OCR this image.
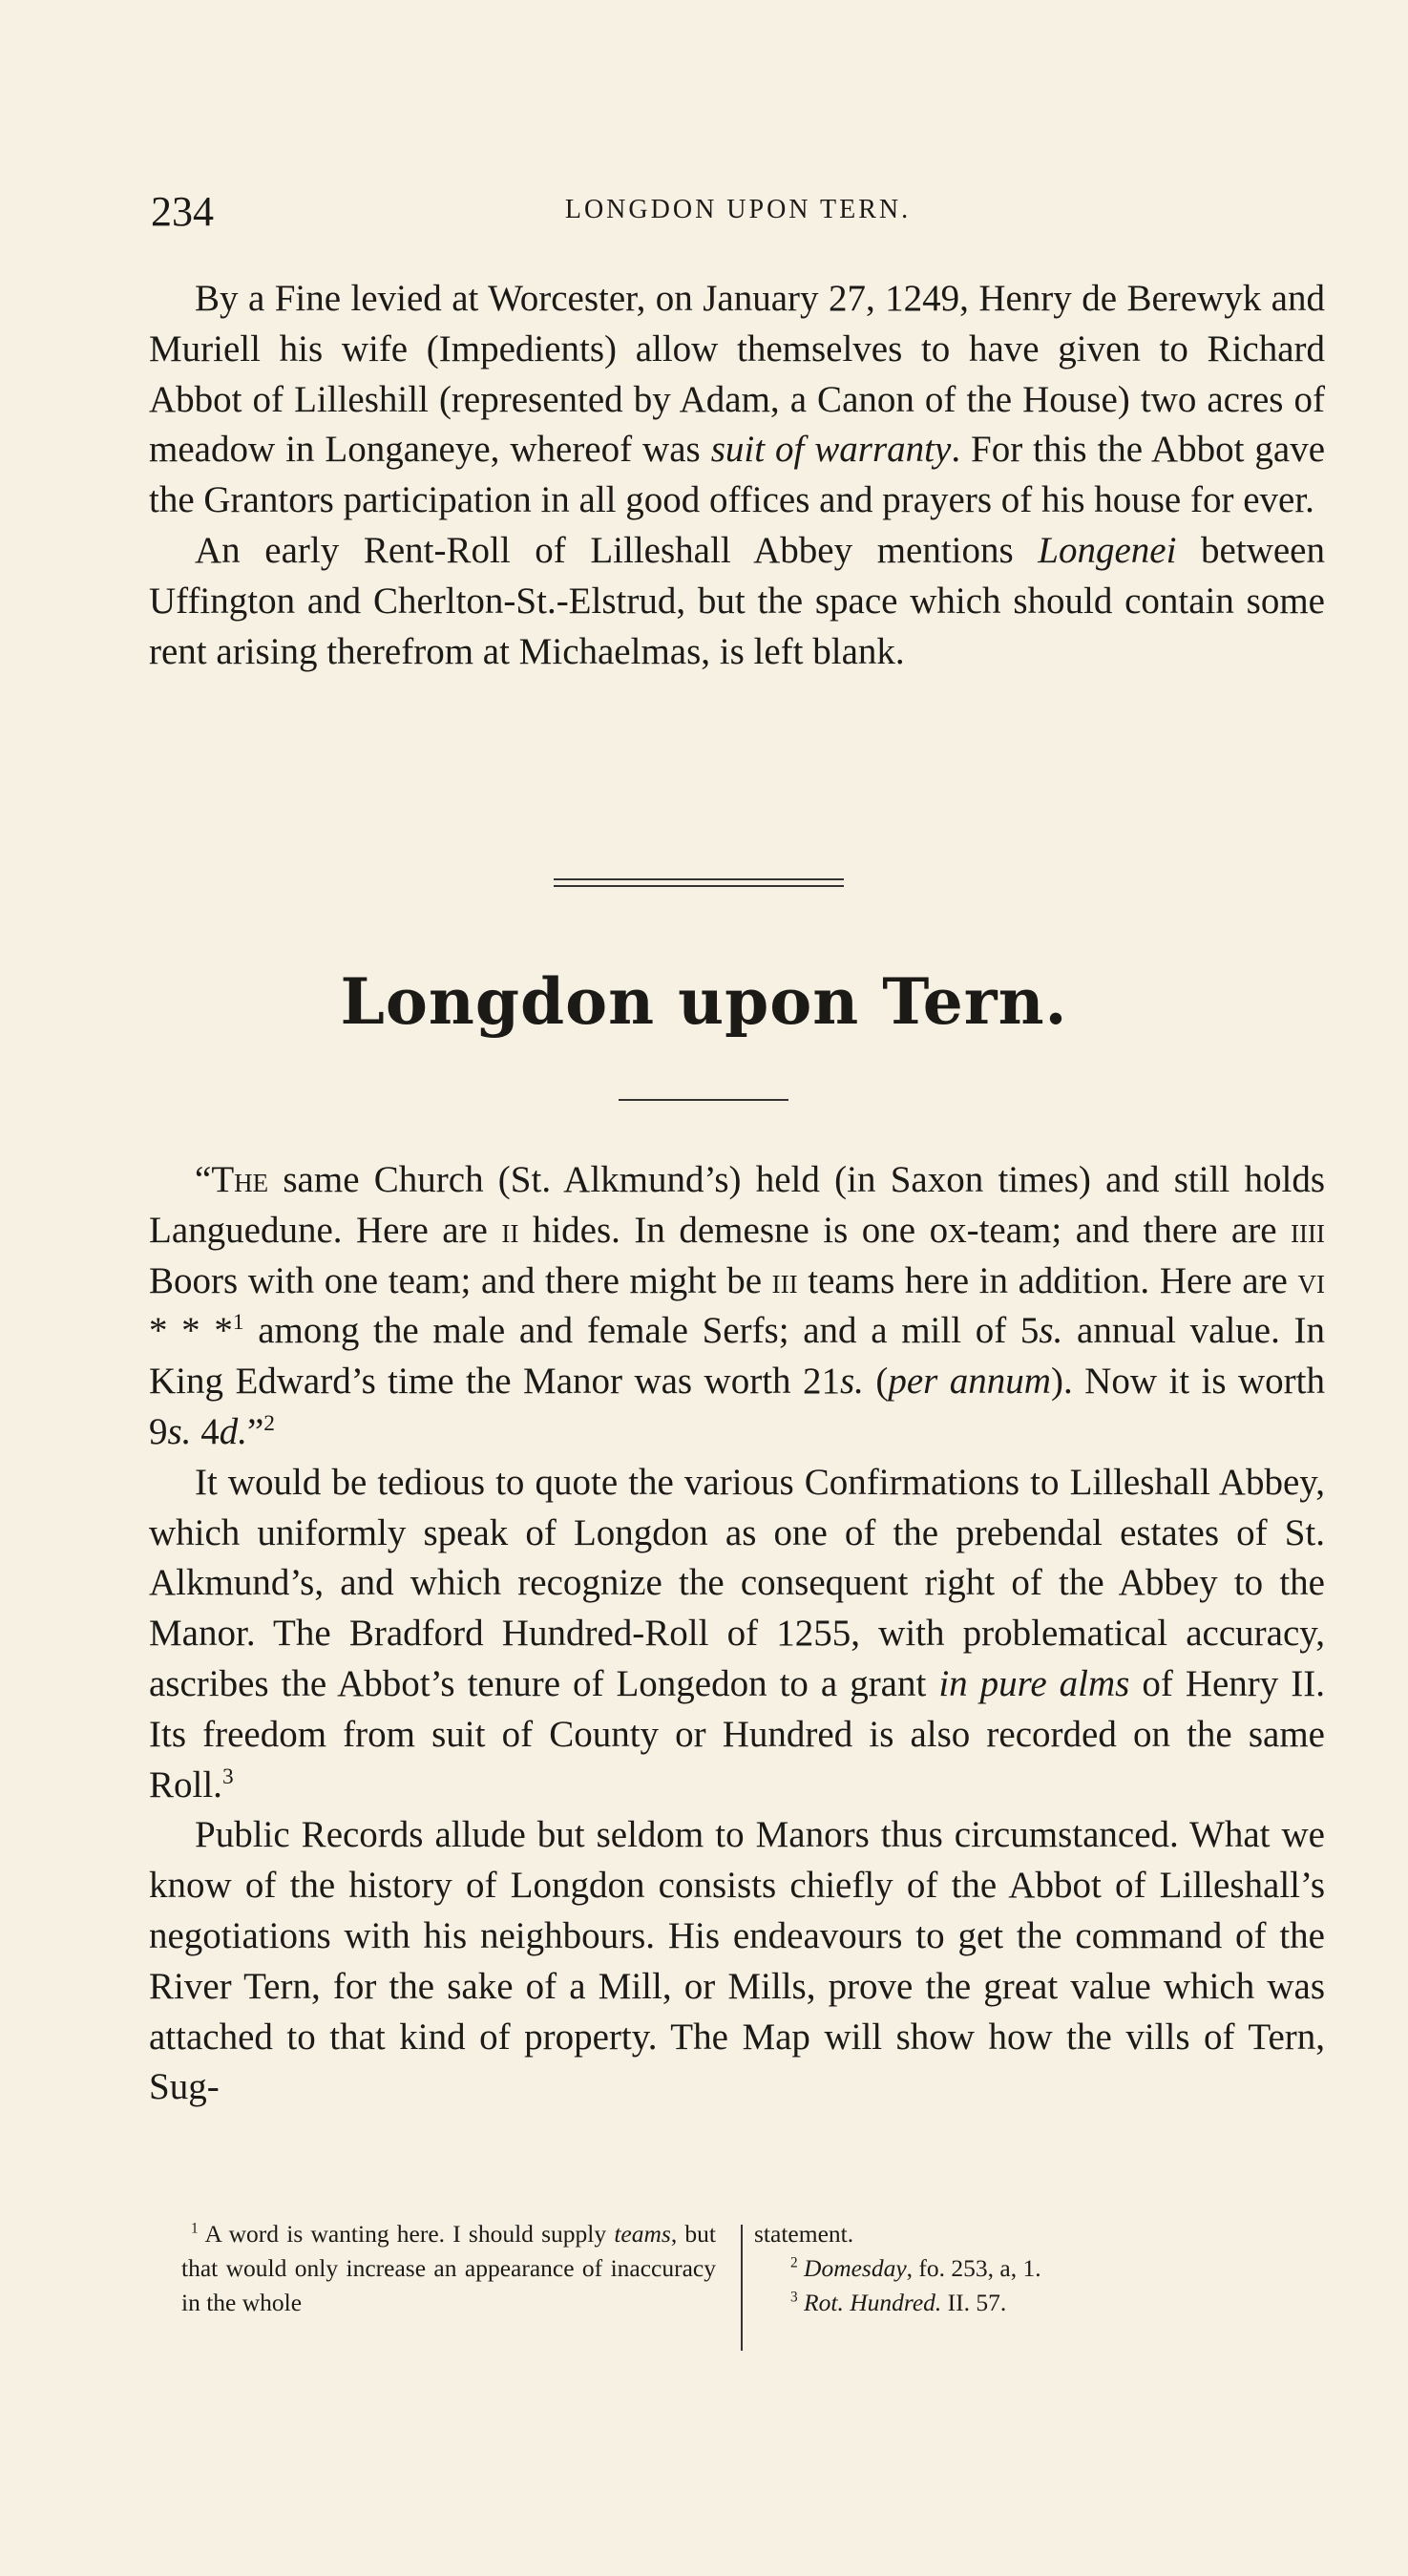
234	LONGDON UPON TERN.

By a Fine levied at Worcester, on January 27, 1249, Henry de Berewyk and Muriell his wife (Impedients) allow themselves to have given to Richard Abbot of Lilleshill (represented by Adam, a Canon of the House) two acres of meadow in Longaneye, whereof was suit of warranty. For this the Abbot gave the Grantors participation in all good offices and prayers of his house for ever.

An early Rent-Roll of Lilleshall Abbey mentions Longenei between Uffington and Cherlton-St.-Elstrud, but the space which should contain some rent arising therefrom at Michaelmas, is left blank.

Longdon upon Tern.

“The same Church (St. Alkmund’s) held (in Saxon times) and still holds Languedune. Here are ii hides. In demesne is one ox-team; and there are iiii Boors with one team; and there might be iii teams here in addition. Here are vi * * *$^1$ among the male and female Serfs; and a mill of 5s. annual value. In King Edward’s time the Manor was worth 21s. (per annum). Now it is worth 9s. 4d.”$^2$

It would be tedious to quote the various Confirmations to Lilleshall Abbey, which uniformly speak of Longdon as one of the prebendal estates of St. Alkmund’s, and which recognize the consequent right of the Abbey to the Manor. The Bradford Hundred-Roll of 1255, with problematical accuracy, ascribes the Abbot’s tenure of Longedon to a grant in pure alms of Henry II. Its freedom from suit of County or Hundred is also recorded on the same Roll.$^3$

Public Records allude but seldom to Manors thus circumstanced. What we know of the history of Longdon consists chiefly of the Abbot of Lilleshall’s negotiations with his neighbours. His endeavours to get the command of the River Tern, for the sake of a Mill, or Mills, prove the great value which was attached to that kind of property. The Map will show how the vills of Tern, Sug-

$^1$ A word is wanting here. I should supply teams, but that would only increase an appearance of inaccuracy in the whole

statement.

$^2$ Domesday, fo. 253, a, 1.

$^3$ Rot. Hundred. II. 57.
